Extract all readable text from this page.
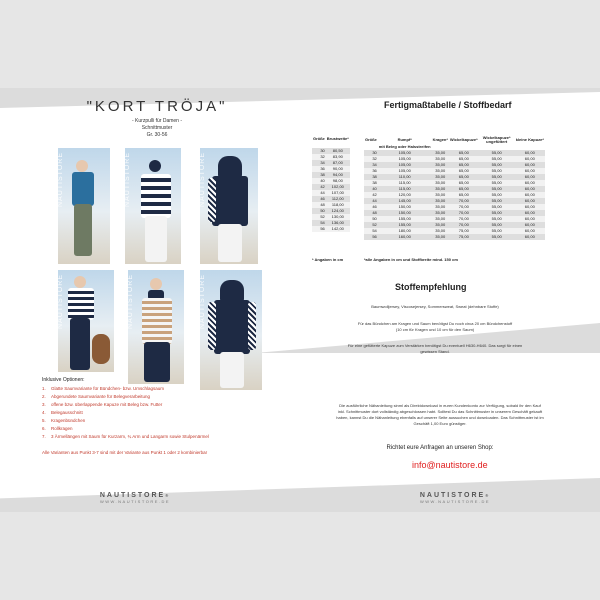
"KORT TRÖJA"
- Kurzpulli für Damen -
Schnittmuster
Gr. 30-56
NAUTISTORE	NAUTISTORE	NAUTISTORE
NAUTISTORE	NAUTISTORE	NAUTISTORE
Inklusive Optionen:
1. Glatte Saumvariante für Bündchen- bzw. Umschlagsaum
2. Abgerundete Saumvariante für Belegverarbeitung
3. offene bzw. überlappende Kapuze mit Beleg bzw. Futter
4. Belegausschnitt
5. Kragenbündchen
6. Rollkragen
7. 3 Ärmellängen mit Saum für Kurzarm, ¾ Arm und Langarm sowie Stulpenärmel
Alle Varianten aus Punkt 3-7 sind mit der Variante aus Punkt 1 oder 2 kombinierbar
Fertigmaßtabelle / Stoffbedarf
Größe	Brustweite*

30	80,50
32	83,90
34	87,00
36	90,00
38	94,00
40	98,00
42	102,00
44	107,00
46	112,00
48	118,00
50	124,00
52	130,00
54	136,00
56	142,00
* Angaben in cm
Größe	Rumpf*	Kragen*	Wickelkapuze*	Wickelkapuze* ungefüttert	kleine Kapuze*
	mit Beleg oder Halsstreifen				
30	105,00	35,00	65,00	55,00	60,00
32	105,00	35,00	65,00	55,00	60,00
34	105,00	35,00	65,00	55,00	60,00
36	105,00	35,00	65,00	55,00	60,00
38	110,00	35,00	65,00	55,00	60,00
38	115,00	35,00	65,00	55,00	60,00
40	115,00	35,00	65,00	55,00	60,00
42	120,00	35,00	65,00	55,00	60,00
44	145,00	35,00	70,00	55,00	60,00
46	150,00	35,00	70,00	55,00	60,00
48	150,00	35,00	70,00	55,00	60,00
50	155,00	35,00	70,00	55,00	60,00
52	155,00	35,00	70,00	55,00	60,00
54	180,00	35,00	75,00	55,00	60,00
56	160,00	35,00	75,00	55,00	60,00
*alle Angaben in cm und Stoffbreite mind. 150 cm
Stoffempfehlung
Baumwolljersey, Viscosejersey, Sommersweat, Sweat (dehnbare Stoffe)
Für das Bündchen am Kragen und Saum benötigst Du noch circa 20 cm Bündchenstoff
(10 cm für Kragen und 10 cm für den Saum)
Für eine gefütterte Kapuze zum Verstärken benötigst Du eventuell H630-H640. Das sorgt für einen
gewissen Stand.
Die ausführliche Nähanleitung sinml als Direktdownload in euren Kundenkonto zur Verfügung, sobald ihr den Kauf
inkl. Schnittmuster dort vollständig abgeschlossen habt. Solltest Du das Schnittmuster in unserem Geschäft gekauft
haben, kannst Du die Nähanleitung ebenfalls auf unserer Seite aussuchen und downloaden. Das Schnittmuster ist im
Geschäft 1,00 Euro günstiger.
Richtet eure Anfragen an unseren Shop:
info@nautistore.de
NAUTISTORE®
WWW.NAUTISTORE.DE
NAUTISTORE®
WWW.NAUTISTORE.DE
